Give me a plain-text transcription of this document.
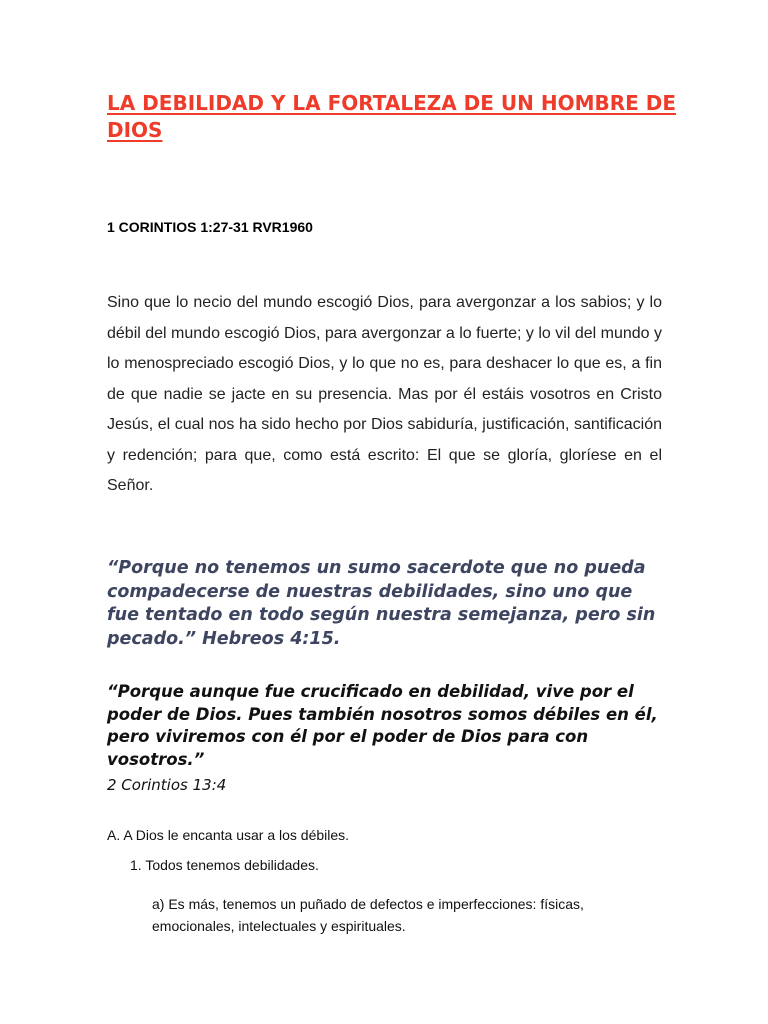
LA DEBILIDAD Y LA FORTALEZA DE UN HOMBRE DE DIOS

1 CORINTIOS 1:27-31 RVR1960

Sino que lo necio del mundo escogió Dios, para avergonzar a los sabios; y lo débil del mundo escogió Dios, para avergonzar a lo fuerte; y lo vil del mundo y lo menospreciado escogió Dios, y lo que no es, para deshacer lo que es, a fin de que nadie se jacte en su presencia. Mas por él estáis vosotros en Cristo Jesús, el cual nos ha sido hecho por Dios sabiduría, justificación, santificación y redención; para que, como está escrito: El que se gloría, gloríese en el Señor.

“Porque no tenemos un sumo sacerdote que no pueda compadecerse de nuestras debilidades, sino uno que fue tentado en todo según nuestra semejanza, pero sin pecado.” Hebreos 4:15.

“Porque aunque fue crucificado en debilidad, vive por el poder de Dios. Pues también nosotros somos débiles en él, pero viviremos con él por el poder de Dios para con vosotros.”

2 Corintios 13:4

A. A Dios le encanta usar a los débiles.

1. Todos tenemos debilidades.

a) Es más, tenemos un puñado de defectos e imperfecciones: físicas, emocionales, intelectuales y espirituales.
